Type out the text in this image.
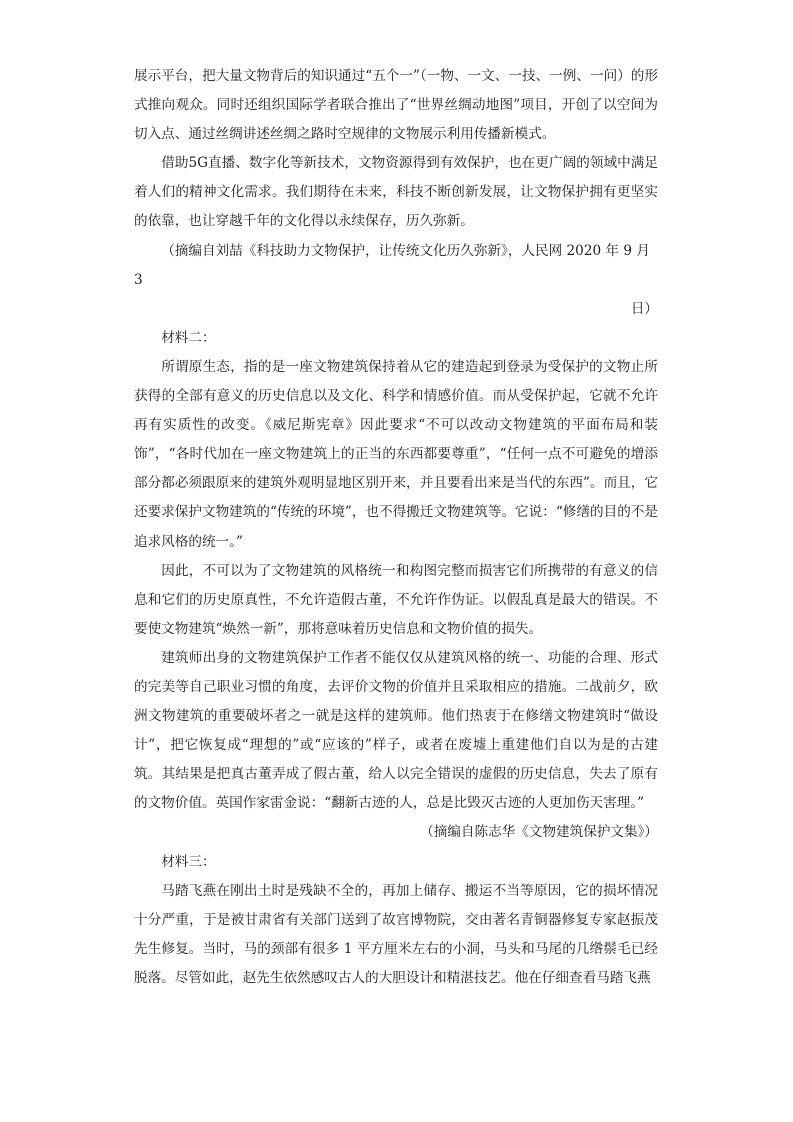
展示平台，把大量文物背后的知识通过“五个一”（一物、一文、一技、一例、一问）的形式推向观众。同时还组织国际学者联合推出了“世界丝绸动地图”项目，开创了以空间为切入点、通过丝绸讲述丝绸之路时空规律的文物展示利用传播新模式。

借助5G直播、数字化等新技术，文物资源得到有效保护，也在更广阔的领域中满足着人们的精神文化需求。我们期待在未来，科技不断创新发展，让文物保护拥有更坚实的依靠，也让穿越千年的文化得以永续保存，历久弥新。

（摘编自刘喆《科技助力文物保护，让传统文化历久弥新》，人民网 2020 年 9 月 3

日）

材料二：

所谓原生态，指的是一座文物建筑保持着从它的建造起到登录为受保护的文物止所获得的全部有意义的历史信息以及文化、科学和情感价值。而从受保护起，它就不允许再有实质性的改变。《威尼斯宪章》因此要求“不可以改动文物建筑的平面布局和装饰”，“各时代加在一座文物建筑上的正当的东西都要尊重”，“任何一点不可避免的增添部分都必须跟原来的建筑外观明显地区别开来，并且要看出来是当代的东西”。而且，它还要求保护文物建筑的“传统的环境”，也不得搬迁文物建筑等。它说：“修缮的目的不是追求风格的统一。”

因此，不可以为了文物建筑的风格统一和构图完整而损害它们所携带的有意义的信息和它们的历史原真性，不允许造假古董，不允许作伪证。以假乱真是最大的错误。不要使文物建筑“焕然一新”，那将意味着历史信息和文物价值的损失。

建筑师出身的文物建筑保护工作者不能仅仅从建筑风格的统一、功能的合理、形式的完美等自己职业习惯的角度，去评价文物的价值并且采取相应的措施。二战前夕，欧洲文物建筑的重要破坏者之一就是这样的建筑师。他们热衷于在修缮文物建筑时“做设计”，把它恢复成“理想的”或“应该的”样子，或者在废墟上重建他们自以为是的古建筑。其结果是把真古董弄成了假古董，给人以完全错误的虚假的历史信息，失去了原有的文物价值。英国作家雷金说：“翻新古迹的人，总是比毁灭古迹的人更加伤天害理。”

（摘编自陈志华《文物建筑保护文集》）

材料三：

马踏飞燕在刚出土时是残缺不全的，再加上储存、搬运不当等原因，它的损坏情况十分严重，于是被甘肃省有关部门送到了故宫博物院，交由著名青铜器修复专家赵振茂先生修复。当时，马的颈部有很多 1 平方厘米左右的小洞，马头和马尾的几绺鬃毛已经脱落。尽管如此，赵先生依然感叹古人的大胆设计和精湛技艺。他在仔细查看马踏飞燕
